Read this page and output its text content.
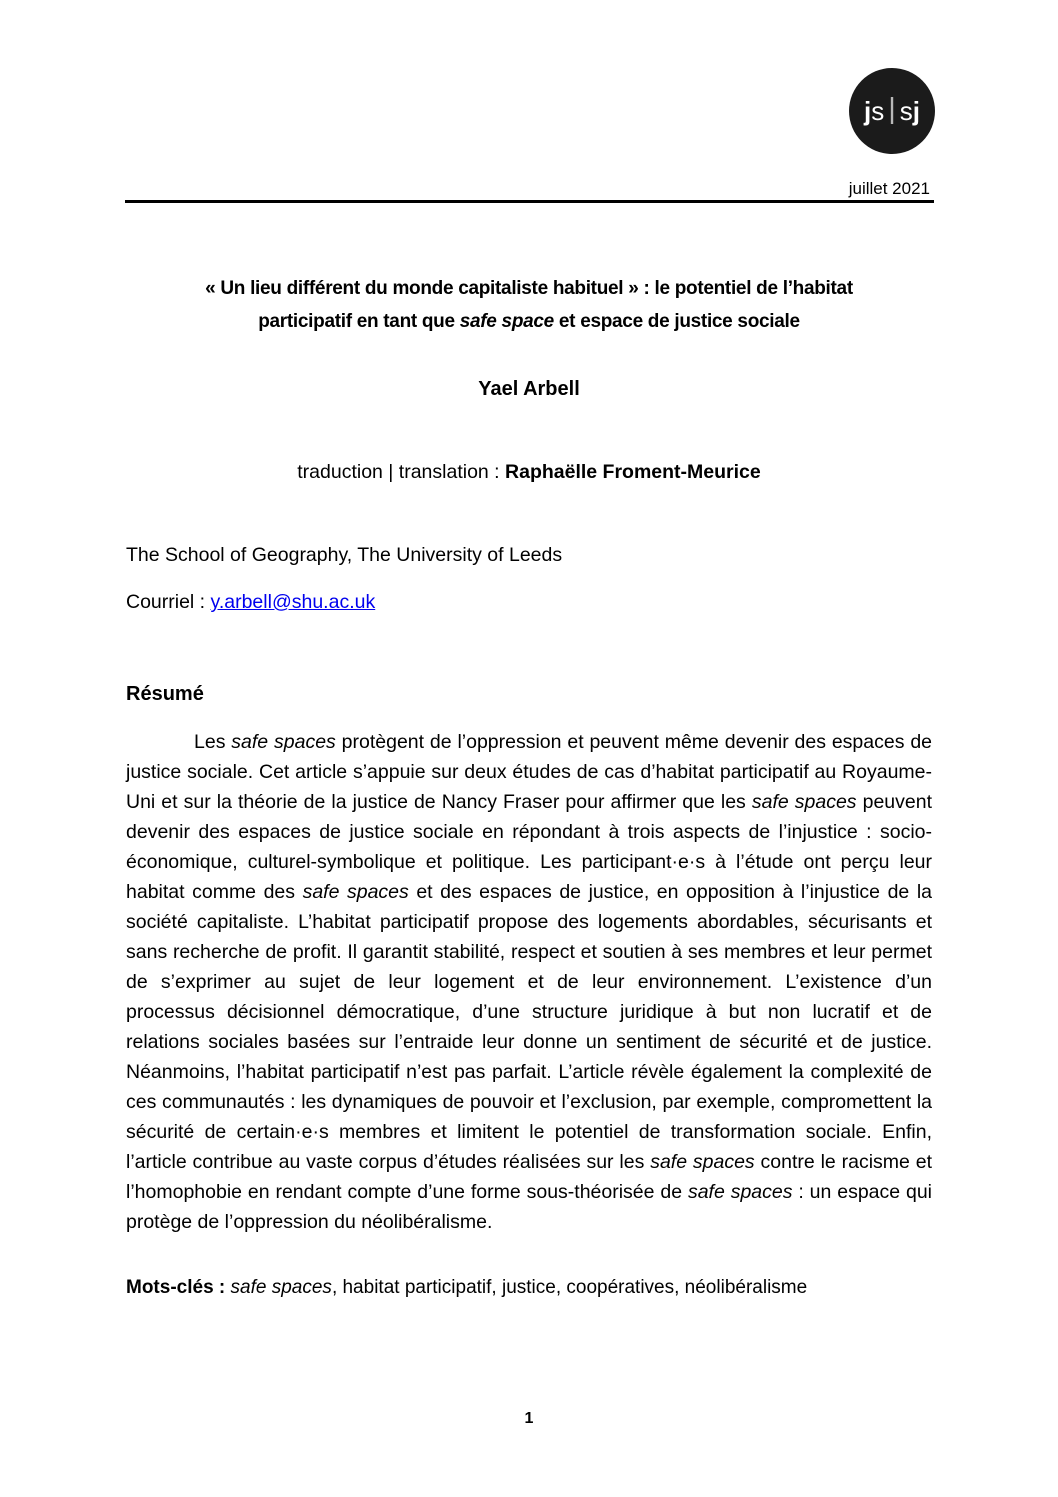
js | sj
juillet 2021
« Un lieu différent du monde capitaliste habituel » : le potentiel de l’habitat
participatif en tant que safe space et espace de justice sociale
Yael Arbell
traduction | translation : Raphaëlle Froment-Meurice
The School of Geography, The University of Leeds
Courriel : y.arbell@shu.ac.uk
Résumé

Les safe spaces protègent de l’oppression et peuvent même devenir des espaces de justice sociale. Cet article s’appuie sur deux études de cas d’habitat participatif au Royaume-Uni et sur la théorie de la justice de Nancy Fraser pour affirmer que les safe spaces peuvent devenir des espaces de justice sociale en répondant à trois aspects de l’injustice : socio-économique, culturel-symbolique et politique. Les participant·e·s à l’étude ont perçu leur habitat comme des safe spaces et des espaces de justice, en opposition à l’injustice de la société capitaliste. L’habitat participatif propose des logements abordables, sécurisants et sans recherche de profit. Il garantit stabilité, respect et soutien à ses membres et leur permet de s’exprimer au sujet de leur logement et de leur environnement. L’existence d’un processus décisionnel démocratique, d’une structure juridique à but non lucratif et de relations sociales basées sur l’entraide leur donne un sentiment de sécurité et de justice. Néanmoins, l’habitat participatif n’est pas parfait. L’article révèle également la complexité de ces communautés : les dynamiques de pouvoir et l’exclusion, par exemple, compromettent la sécurité de certain·e·s membres et limitent le potentiel de transformation sociale. Enfin, l’article contribue au vaste corpus d’études réalisées sur les safe spaces contre le racisme et l’homophobie en rendant compte d’une forme sous-théorisée de safe spaces : un espace qui protège de l’oppression du néolibéralisme.

Mots-clés : safe spaces, habitat participatif, justice, coopératives, néolibéralisme
1
